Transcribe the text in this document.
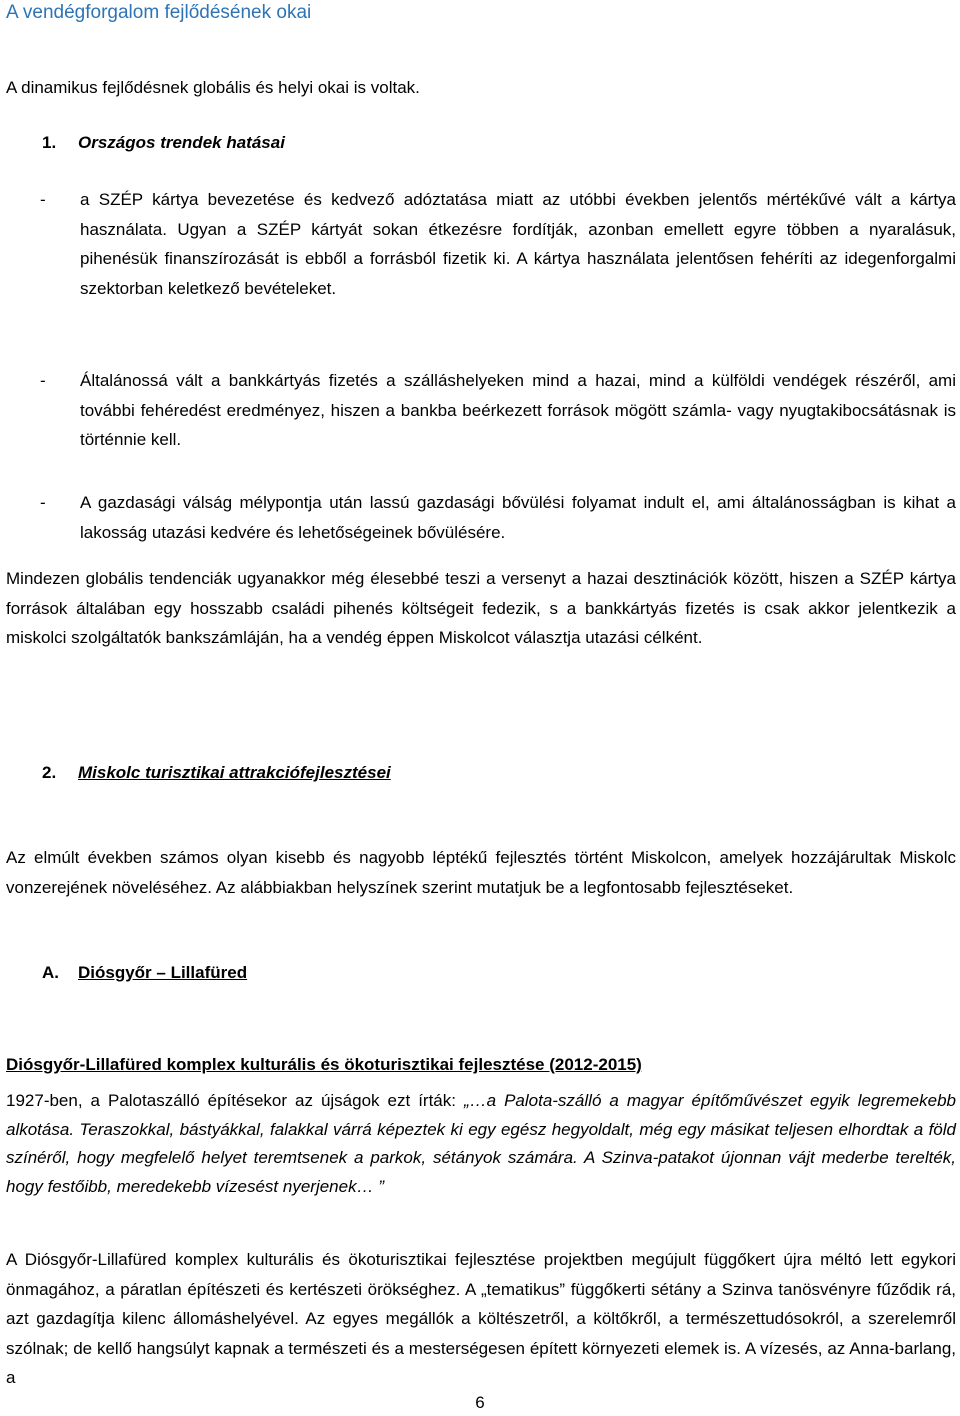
A vendégforgalom fejlődésének okai
A dinamikus fejlődésnek globális és helyi okai is voltak.
1. Országos trendek hatásai
-	a SZÉP kártya bevezetése és kedvező adóztatása miatt az utóbbi években jelentős mértékűvé vált a kártya használata. Ugyan a SZÉP kártyát sokan étkezésre fordítják, azonban emellett egyre többen a nyaralásuk, pihenésük finanszírozását is ebből a forrásból fizetik ki. A kártya használata jelentősen fehéríti az idegenforgalmi szektorban keletkező bevételeket.
-	Általánossá vált a bankkártyás fizetés a szálláshelyeken mind a hazai, mind a külföldi vendégek részéről, ami további fehéredést eredményez, hiszen a bankba beérkezett források mögött számla- vagy nyugtakibocsátásnak is történnie kell.
-	A gazdasági válság mélypontja után lassú gazdasági bővülési folyamat indult el, ami általánosságban is kihat a lakosság utazási kedvére és lehetőségeinek bővülésére.
Mindezen globális tendenciák ugyanakkor még élesebbé teszi a versenyt a hazai desztinációk között, hiszen a SZÉP kártya források általában egy hosszabb családi pihenés költségeit fedezik, s a bankkártyás fizetés is csak akkor jelentkezik a miskolci szolgáltatók bankszámláján, ha a vendég éppen Miskolcot választja utazási célként.
2. Miskolc turisztikai attrakciófejlesztései
Az elmúlt években számos olyan kisebb és nagyobb léptékű fejlesztés történt Miskolcon, amelyek hozzájárultak Miskolc vonzerejének növeléséhez. Az alábbiakban helyszínek szerint mutatjuk be a legfontosabb fejlesztéseket.
A. Diósgyőr – Lillafüred
Diósgyőr-Lillafüred komplex kulturális és ökoturisztikai fejlesztése (2012-2015)
1927-ben, a Palotaszálló építésekor az újságok ezt írták: „…a Palota-szálló a magyar építőművészet egyik legremekebb alkotása. Teraszokkal, bástyákkal, falakkal várrá képeztek ki egy egész hegyoldalt, még egy másikat teljesen elhordtak a föld színéről, hogy megfelelő helyet teremtsenek a parkok, sétányok számára. A Szinva-patakot újonnan vájt mederbe terelték, hogy festőibb, meredekebb vízesést nyerjenek… ”
A Diósgyőr-Lillafüred komplex kulturális és ökoturisztikai fejlesztése projektben megújult függőkert újra méltó lett egykori önmagához, a páratlan építészeti és kertészeti örökséghez. A „tematikus” függőkerti sétány a Szinva tanösvényre fűződik rá, azt gazdagítja kilenc állomáshelyével. Az egyes megállók a költészetről, a költőkről, a természettudósokról, a szerelemről szólnak; de kellő hangsúlyt kapnak a természeti és a mesterségesen épített környezeti elemek is. A vízesés, az Anna-barlang, a
6
